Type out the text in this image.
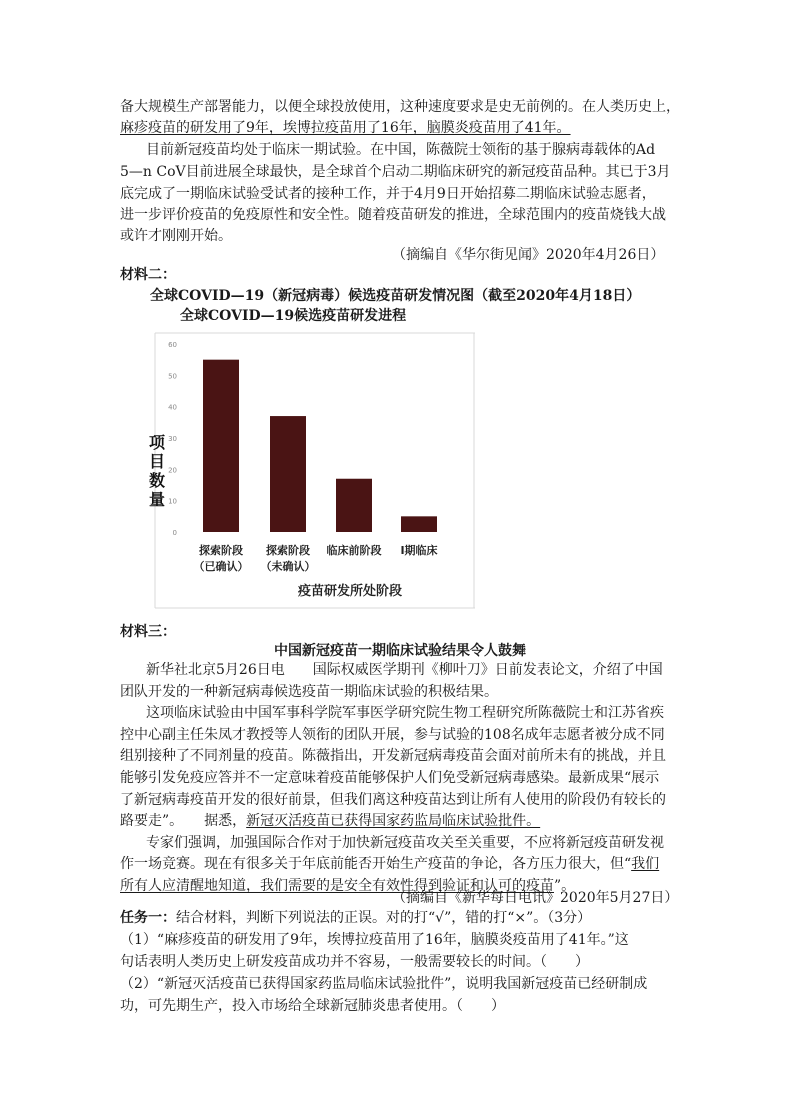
备大规模生产部署能力，以便全球投放使用，这种速度要求是史无前例的。在人类历史上，
麻疹疫苗的研发用了9年，埃博拉疫苗用了16年，脑膜炎疫苗用了41年。
目前新冠疫苗均处于临床一期试验。在中国，陈薇院士领衔的基于腺病毒载体的Ad
5—n CoV目前进展全球最快，是全球首个启动二期临床研究的新冠疫苗品种。其已于3月
底完成了一期临床试验受试者的接种工作，并于4月9日开始招募二期临床试验志愿者，
进一步评价疫苗的免疫原性和安全性。随着疫苗研发的推进，全球范围内的疫苗烧钱大战
或许才刚刚开始。
（摘编自《华尔街见闻》2020年4月26日）
材料二：
全球COVID—19（新冠病毒）候选疫苗研发情况图（截至2020年4月18日）
全球COVID—19候选疫苗研发进程
项
目
数
量
0
10
20
30
40
50
60
探索阶段
（已确认）
探索阶段
（未确认）
临床前阶段 I期临床
疫苗研发所处阶段
材料三：
中国新冠疫苗一期临床试验结果令人鼓舞
新华社北京5月26日电　　国际权威医学期刊《柳叶刀》日前发表论文，介绍了中国
团队开发的一种新冠病毒候选疫苗一期临床试验的积极结果。
这项临床试验由中国军事科学院军事医学研究院生物工程研究所陈薇院士和江苏省疾
控中心副主任朱凤才教授等人领衔的团队开展，参与试验的108名成年志愿者被分成不同
组别接种了不同剂量的疫苗。陈薇指出，开发新冠病毒疫苗会面对前所未有的挑战，并且
能够引发免疫应答并不一定意味着疫苗能够保护人们免受新冠病毒感染。最新成果“展示
了新冠病毒疫苗开发的很好前景，但我们离这种疫苗达到让所有人使用的阶段仍有较长的
路要走”。　　据悉，新冠灭活疫苗已获得国家药监局临床试验批件。
专家们强调，加强国际合作对于加快新冠疫苗攻关至关重要，不应将新冠疫苗研发视
作一场竞赛。现在有很多关于年底前能否开始生产疫苗的争论，各方压力很大，但“我们
所有人应清醒地知道，我们需要的是安全有效性得到验证和认可的疫苗”。
（摘编自《新华每日电讯》2020年5月27日）
任务一：结合材料，判断下列说法的正误。对的打“√”，错的打“×”。（3分）
（1）“麻疹疫苗的研发用了9年，埃博拉疫苗用了16年，脑膜炎疫苗用了41年。”这
句话表明人类历史上研发疫苗成功并不容易，一般需要较长的时间。（　　）
（2）“新冠灭活疫苗已获得国家药监局临床试验批件”，说明我国新冠疫苗已经研制成
功，可先期生产，投入市场给全球新冠肺炎患者使用。（　　）
